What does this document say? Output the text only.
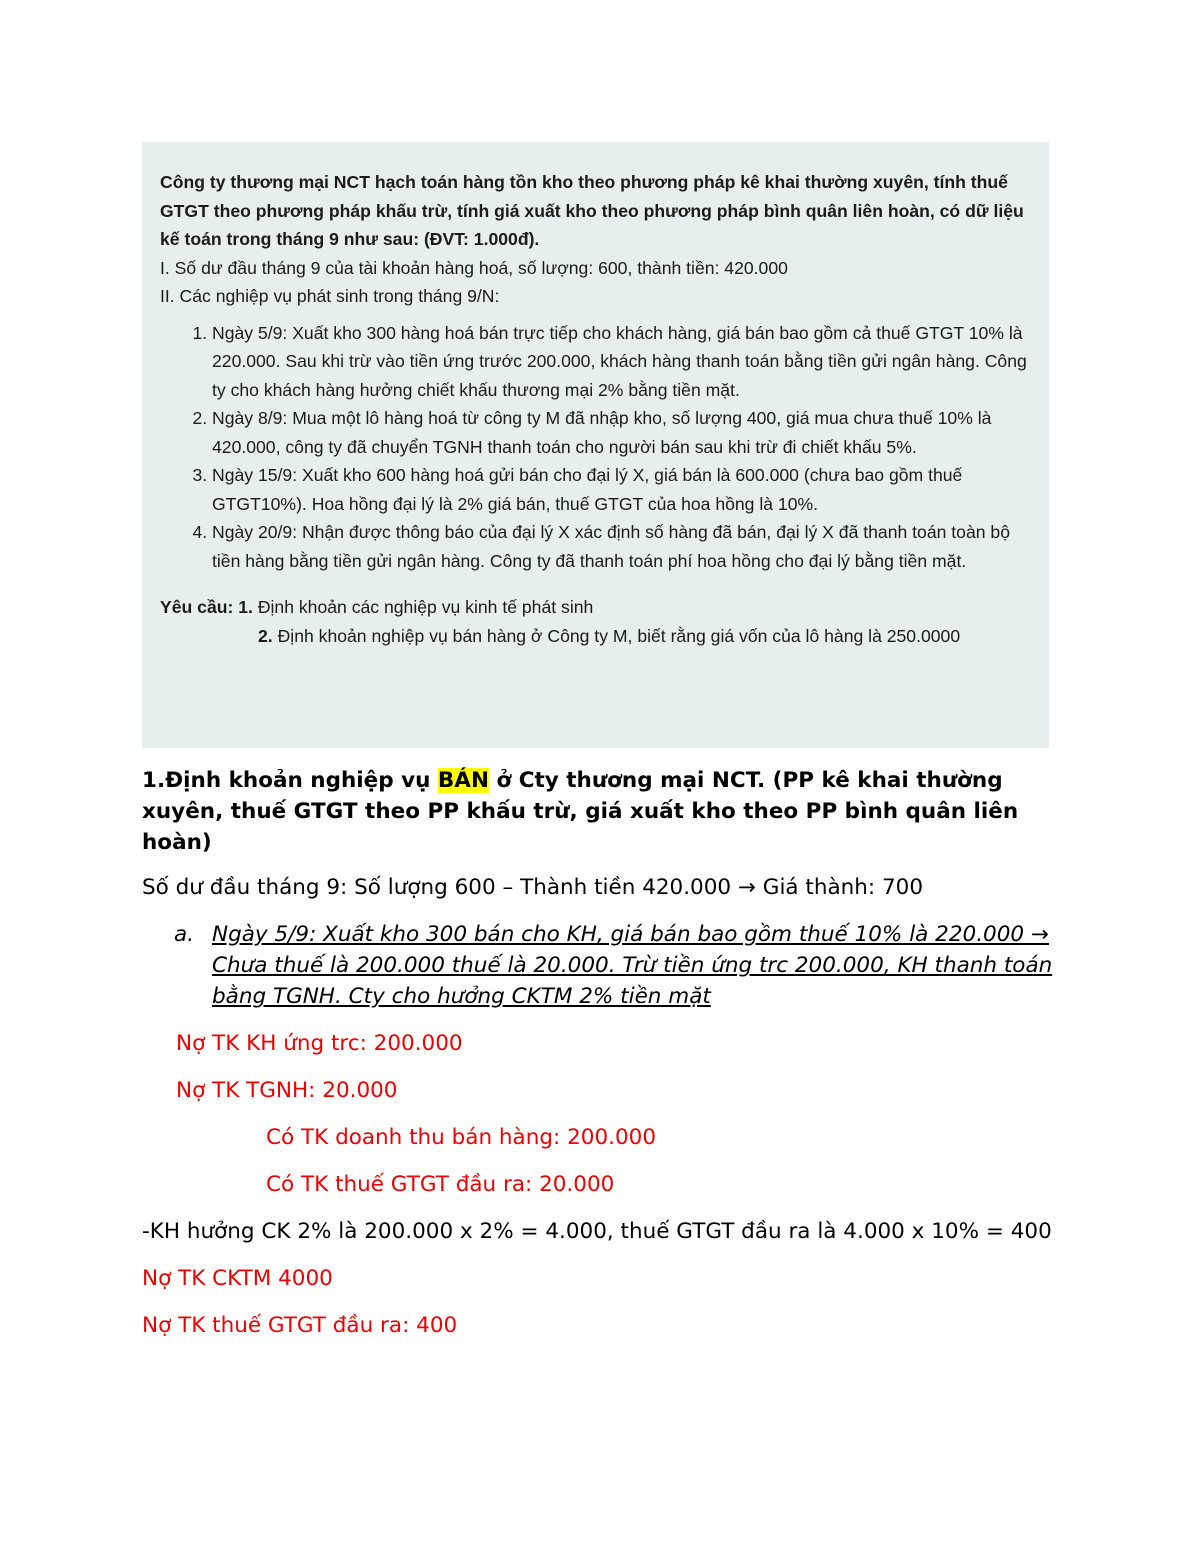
Công ty thương mại NCT hạch toán hàng tồn kho theo phương pháp kê khai thường xuyên, tính thuế GTGT theo phương pháp khấu trừ, tính giá xuất kho theo phương pháp bình quân liên hoàn, có dữ liệu kế toán trong tháng 9 như sau: (ĐVT: 1.000đ).

I. Số dư đầu tháng 9 của tài khoản hàng hoá, số lượng: 600, thành tiền: 420.000

II. Các nghiệp vụ phát sinh trong tháng 9/N:

1. Ngày 5/9: Xuất kho 300 hàng hoá bán trực tiếp cho khách hàng, giá bán bao gồm cả thuế GTGT 10% là 220.000. Sau khi trừ vào tiền ứng trước 200.000, khách hàng thanh toán bằng tiền gửi ngân hàng. Công ty cho khách hàng hưởng chiết khấu thương mại 2% bằng tiền mặt.
2. Ngày 8/9: Mua một lô hàng hoá từ công ty M đã nhập kho, số lượng 400, giá mua chưa thuế 10% là 420.000, công ty đã chuyển TGNH thanh toán cho người bán sau khi trừ đi chiết khấu 5%.
3. Ngày 15/9: Xuất kho 600 hàng hoá gửi bán cho đại lý X, giá bán là 600.000 (chưa bao gồm thuế GTGT10%). Hoa hồng đại lý là 2% giá bán, thuế GTGT của hoa hồng là 10%.
4. Ngày 20/9: Nhận được thông báo của đại lý X xác định số hàng đã bán, đại lý X đã thanh toán toàn bộ tiền hàng bằng tiền gửi ngân hàng. Công ty đã thanh toán phí hoa hồng cho đại lý bằng tiền mặt.
Yêu cầu: 1. Định khoản các nghiệp vụ kinh tế phát sinh
2. Định khoản nghiệp vụ bán hàng ở Công ty M, biết rằng giá vốn của lô hàng là 250.0000

1.Định khoản nghiệp vụ BÁN ở Cty thương mại NCT. (PP kê khai thường xuyên, thuế GTGT theo PP khấu trừ, giá xuất kho theo PP bình quân liên hoàn)

Số dư đầu tháng 9: Số lượng 600 – Thành tiền 420.000 → Giá thành: 700

a. Ngày 5/9: Xuất kho 300 bán cho KH, giá bán bao gồm thuế 10% là 220.000 → Chưa thuế là 200.000 thuế là 20.000. Trừ tiền ứng trc 200.000, KH thanh toán bằng TGNH. Cty cho hưởng CKTM 2% tiền mặt

Nợ TK KH ứng trc: 200.000

Nợ TK TGNH: 20.000

Có TK doanh thu bán hàng: 200.000

Có TK thuế GTGT đầu ra: 20.000

-KH hưởng CK 2% là 200.000 x 2% = 4.000, thuế GTGT đầu ra là 4.000 x 10% = 400

Nợ TK CKTM 4000

Nợ TK thuế GTGT đầu ra: 400
